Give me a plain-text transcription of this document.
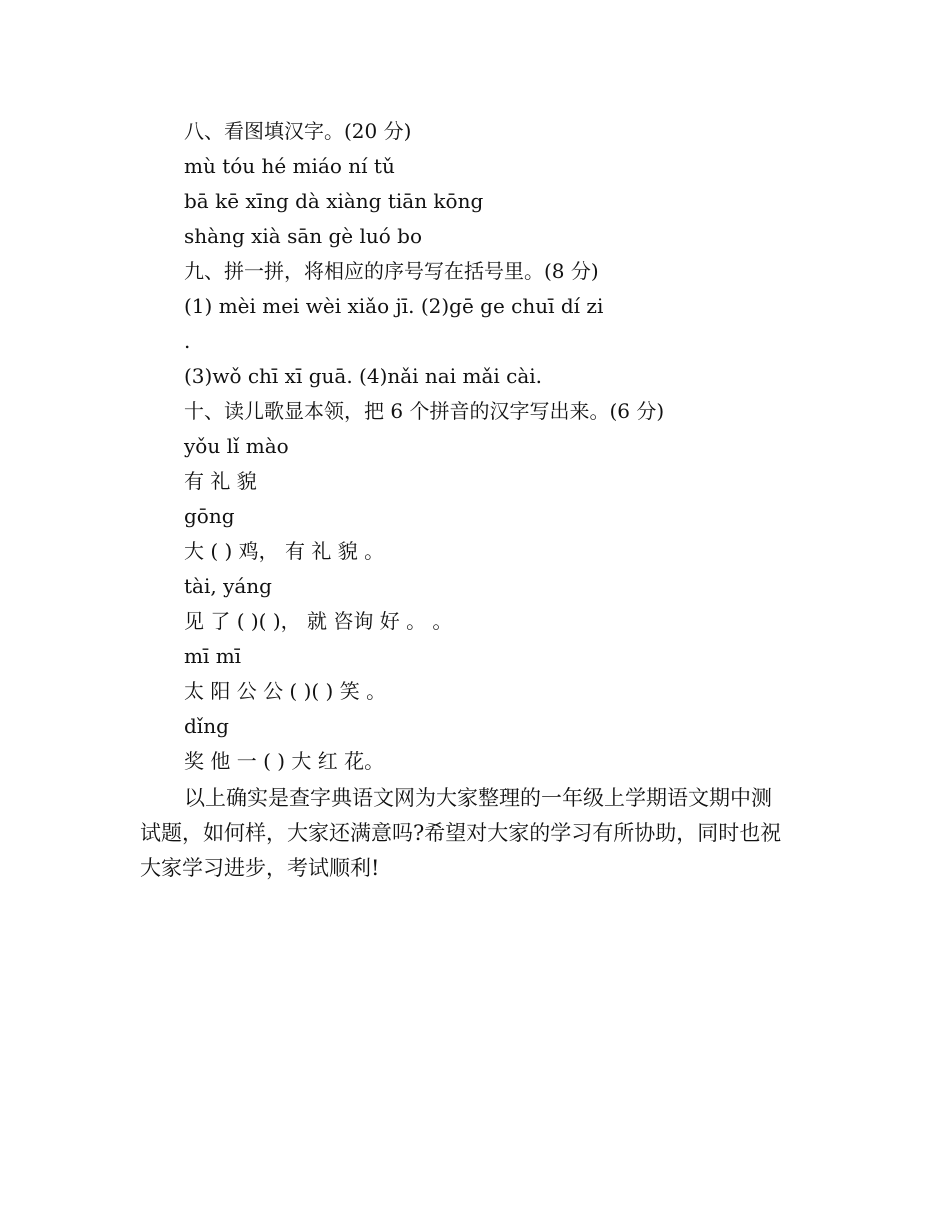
八、看图填汉字。(20 分)
mù tóu hé miáo ní tǔ
bā kē xīng dà xiàng tiān kōng
shàng xià sān gè luó bo
九、拼一拼，将相应的序号写在括号里。(8 分)
(1) mèi mei wèi xiǎo jī. (2)gē ge chuī dí zi
.
(3)wǒ chī xī guā. (4)nǎi nai mǎi cài.
十、读儿歌显本领，把 6 个拼音的汉字写出来。(6 分)
yǒu lǐ mào
有 礼 貌
gōng
大 ( ) 鸡， 有 礼 貌 。
tài, yáng
见 了 ( )( )， 就 咨询 好 。 。
mī mī
太 阳 公 公 ( )( ) 笑 。
dǐng
奖 他 一 ( ) 大 红 花。
以上确实是查字典语文网为大家整理的一年级上学期语文期中测
试题，如何样，大家还满意吗?希望对大家的学习有所协助，同时也祝
大家学习进步，考试顺利!
